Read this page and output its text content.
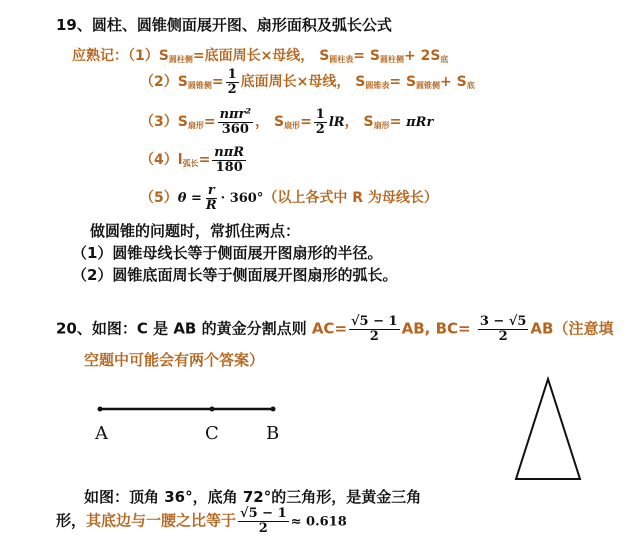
19、圆柱、圆锥侧面展开图、扇形面积及弧长公式
应熟记：$(1)S_{圆柱侧}=$底面周长×母线， $S_{圆柱表}= S_{圆柱侧}+ 2S_底$
$(2)S_{圆锥侧}= \frac{1}{2}$ 底面周长×母线， $S_{圆锥表}= S_{圆锥侧}+ S_底$
$(3)S_{扇形}= \frac{\text{nπr²}}{360}$ ， $S_{扇形}= \frac{1}{2}$ lR， $S_{扇形}= \pi Rr$
$(4)l_{弧长}= \frac{\text{nπR}}{180}$
$(5)\theta = \frac{r}{R} \cdot 360^\circ$（以上各式中 R 为母线长）
做圆锥的问题时，常抓住两点：
（1）圆锥母线长等于侧面展开图扇形的半径。
（2）圆锥底面周长等于侧面展开图扇形的弧长。
20、如图：C 是 AB 的黄金分割点则 $AC= \frac{√5 - 1}{2}$ AB, $BC= \frac{3 - √5}{2} AB$（注意填
空题中可能会有两个答案）
A	C	B
如图：顶角 36°，底角 72°的三角形，是黄金三角
形，其底边与一腰之比等于 $\frac{√5 - 1}{2} \approx 0.618$
